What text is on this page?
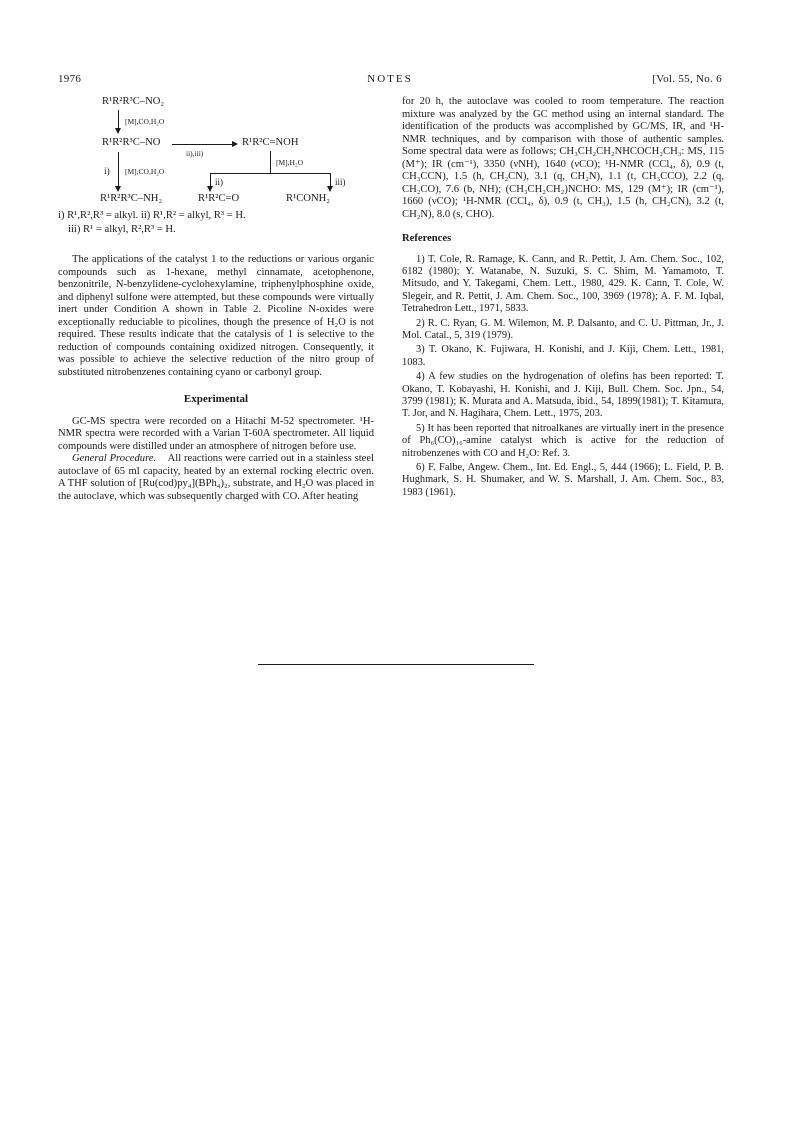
1976	NOTES	[Vol. 55, No. 6
R¹R²R³C–NO₂
[M],CO,H₂O
R¹R²R³C–NO
ii),iii)
R¹R²C=NOH
i) [M],CO,H₂O
[M],H₂O
ii)	iii)
R¹R²R³C–NH₂	R¹R²C=O	R¹CONH₂
i) R¹,R²,R³ = alkyl. ii) R¹,R² = alkyl, R³ = H.
iii) R¹ = alkyl, R²,R³ = H.

The applications of the catalyst 1 to the reductions or various organic compounds such as 1-hexane, methyl cinnamate, acetophenone, benzonitrile, N-benzylidene-cyclohexylamine, triphenylphosphine oxide, and diphenyl sulfone were attempted, but these compounds were virtually inert under Condition A shown in Table 2. Picoline N-oxides were exceptionally reduciable to picolines, though the presence of H₂O is not required. These results indicate that the catalysis of 1 is selective to the reduction of compounds containing oxidized nitrogen. Consequently, it was possible to achieve the selective reduction of the nitro group of substituted nitrobenzenes containing cyano or carbonyl group.

Experimental

GC-MS spectra were recorded on a Hitachi M-52 spectrometer. ¹H-NMR spectra were recorded with a Varian T-60A spectrometer. All liquid compounds were distilled under an atmosphere of nitrogen before use.

General Procedure. All reactions were carried out in a stainless steel autoclave of 65 ml capacity, heated by an external rocking electric oven. A THF solution of [Ru(cod)py₄](BPh₄)₂, substrate, and H₂O was placed in the autoclave, which was subsequently charged with CO. After heating

for 20 h, the autoclave was cooled to room temperature. The reaction mixture was analyzed by the GC method using an internal standard. The identification of the products was accomplished by GC/MS, IR, and ¹H-NMR techniques, and by comparison with those of authentic samples. Some spectral data were as follows; CH₃CH₂CH₂NHCOCH₂CH₃: MS, 115 (M⁺); IR (cm⁻¹), 3350 (νNH), 1640 (νCO); ¹H-NMR (CCl₄, δ), 0.9 (t, CH₃CCN), 1.5 (h, CH₂CN), 3.1 (q, CH₂N), 1.1 (t, CH₃CCO), 2.2 (q, CH₂CO), 7.6 (b, NH); (CH₃CH₂CH₂)NCHO: MS, 129 (M⁺); IR (cm⁻¹), 1660 (νCO); ¹H-NMR (CCl₄, δ), 0.9 (t, CH₃), 1.5 (h, CH₂CN), 3.2 (t, CH₂N), 8.0 (s, CHO).

References

1) T. Cole, R. Ramage, K. Cann, and R. Pettit, J. Am. Chem. Soc., 102, 6182 (1980); Y. Watanabe, N. Suzuki, S. C. Shim, M. Yamamoto, T. Mitsudo, and Y. Takegami, Chem. Lett., 1980, 429. K. Cann, T. Cole, W. Slegeir, and R. Pettit, J. Am. Chem. Soc., 100, 3969 (1978); A. F. M. Iqbal, Tetrahedron Lett., 1971, 5833.

2) R. C. Ryan, G. M. Wilemon, M. P. Dalsanto, and C. U. Pittman, Jr., J. Mol. Catal., 5, 319 (1979).

3) T. Okano, K. Fujiwara, H. Konishi, and J. Kiji, Chem. Lett., 1981, 1083.

4) A few studies on the hydrogenation of olefins has been reported: T. Okano, T. Kobayashi, H. Konishi, and J. Kiji, Bull. Chem. Soc. Jpn., 54, 3799 (1981); K. Murata and A. Matsuda, ibid., 54, 1899(1981); T. Kitamura, T. Jor, and N. Hagihara, Chem. Lett., 1975, 203.

5) It has been reported that nitroalkanes are virtually inert in the presence of Ph₆(CO)₁₆-amine catalyst which is active for the reduction of nitrobenzenes with CO and H₂O: Ref. 3.

6) F. Falbe, Angew. Chem., Int. Ed. Engl., 5, 444 (1966); L. Field, P. B. Hughmark, S. H. Shumaker, and W. S. Marshall, J. Am. Chem. Soc., 83, 1983 (1961).
